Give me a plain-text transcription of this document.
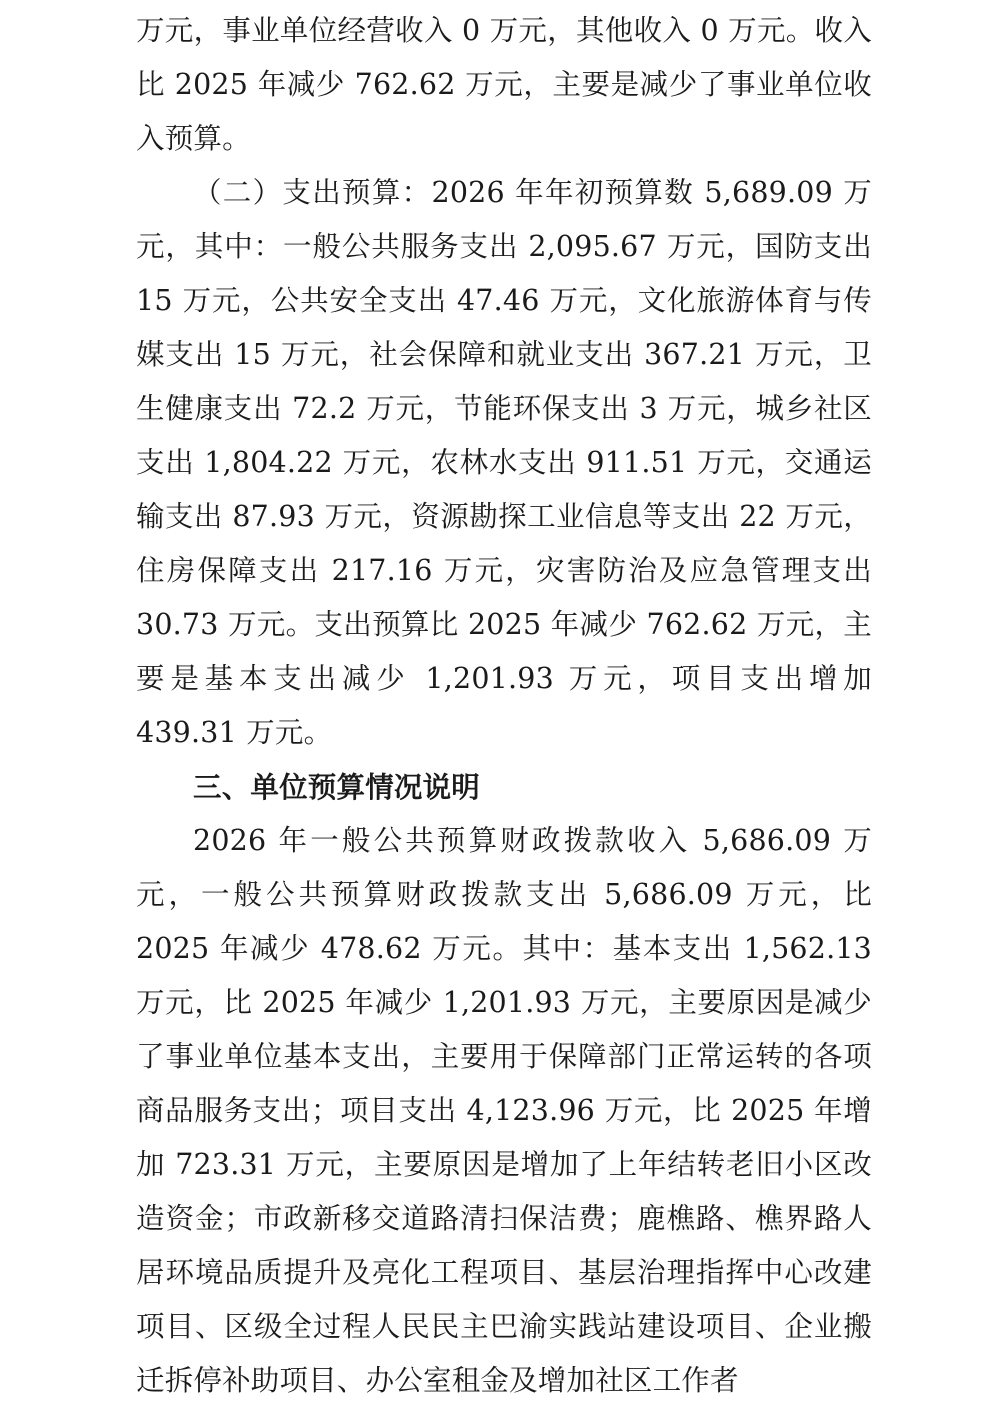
万元，事业单位经营收入 0 万元，其他收入 0 万元。收入比 2025 年减少 762.62 万元，主要是减少了事业单位收入预算。

（二）支出预算：2026 年年初预算数 5,689.09 万元，其中：一般公共服务支出 2,095.67 万元，国防支出 15 万元，公共安全支出 47.46 万元，文化旅游体育与传媒支出 15 万元，社会保障和就业支出 367.21 万元，卫生健康支出 72.2 万元，节能环保支出 3 万元，城乡社区支出 1,804.22 万元，农林水支出 911.51 万元，交通运输支出 87.93 万元，资源勘探工业信息等支出 22 万元，住房保障支出 217.16 万元，灾害防治及应急管理支出 30.73 万元。支出预算比 2025 年减少 762.62 万元，主要是基本支出减少 1,201.93 万元，项目支出增加 439.31 万元。

三、单位预算情况说明

2026 年一般公共预算财政拨款收入 5,686.09 万元，一般公共预算财政拨款支出 5,686.09 万元，比 2025 年减少 478.62 万元。其中：基本支出 1,562.13 万元，比 2025 年减少 1,201.93 万元，主要原因是减少了事业单位基本支出，主要用于保障部门正常运转的各项商品服务支出；项目支出 4,123.96 万元，比 2025 年增加 723.31 万元，主要原因是增加了上年结转老旧小区改造资金；市政新移交道路清扫保洁费；鹿樵路、樵界路人居环境品质提升及亮化工程项目、基层治理指挥中心改建项目、区级全过程人民民主巴渝实践站建设项目、企业搬迁拆停补助项目、办公室租金及增加社区工作者
